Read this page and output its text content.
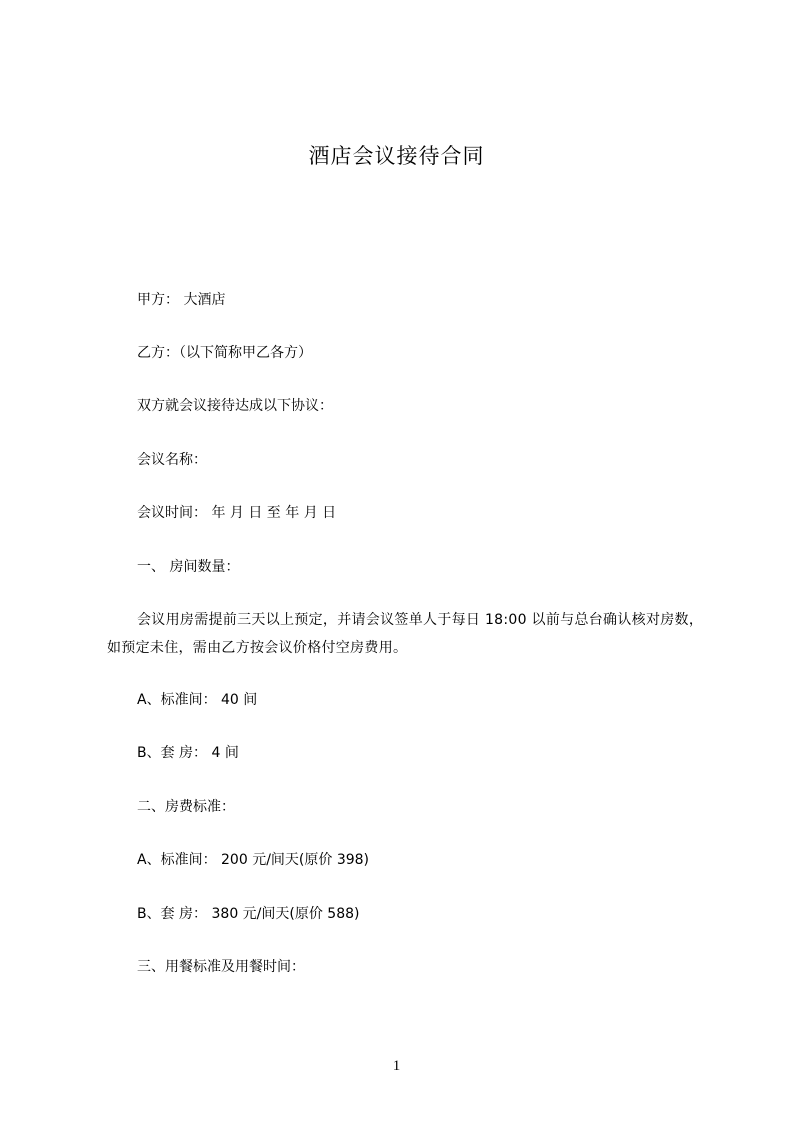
酒店会议接待合同
甲方： 大酒店
乙方：（以下简称甲乙各方）
双方就会议接待达成以下协议：
会议名称：
会议时间： 年 月 日 至 年 月 日
一、 房间数量：
会议用房需提前三天以上预定，并请会议签单人于每日 18:00 以前与总台确认核对房数，如预定未住，需由乙方按会议价格付空房费用。
A、标准间： 40 间
B、套 房： 4 间
二、房费标准：
A、标准间： 200 元/间天(原价 398)
B、套 房： 380 元/间天(原价 588)
三、用餐标准及用餐时间：
1
